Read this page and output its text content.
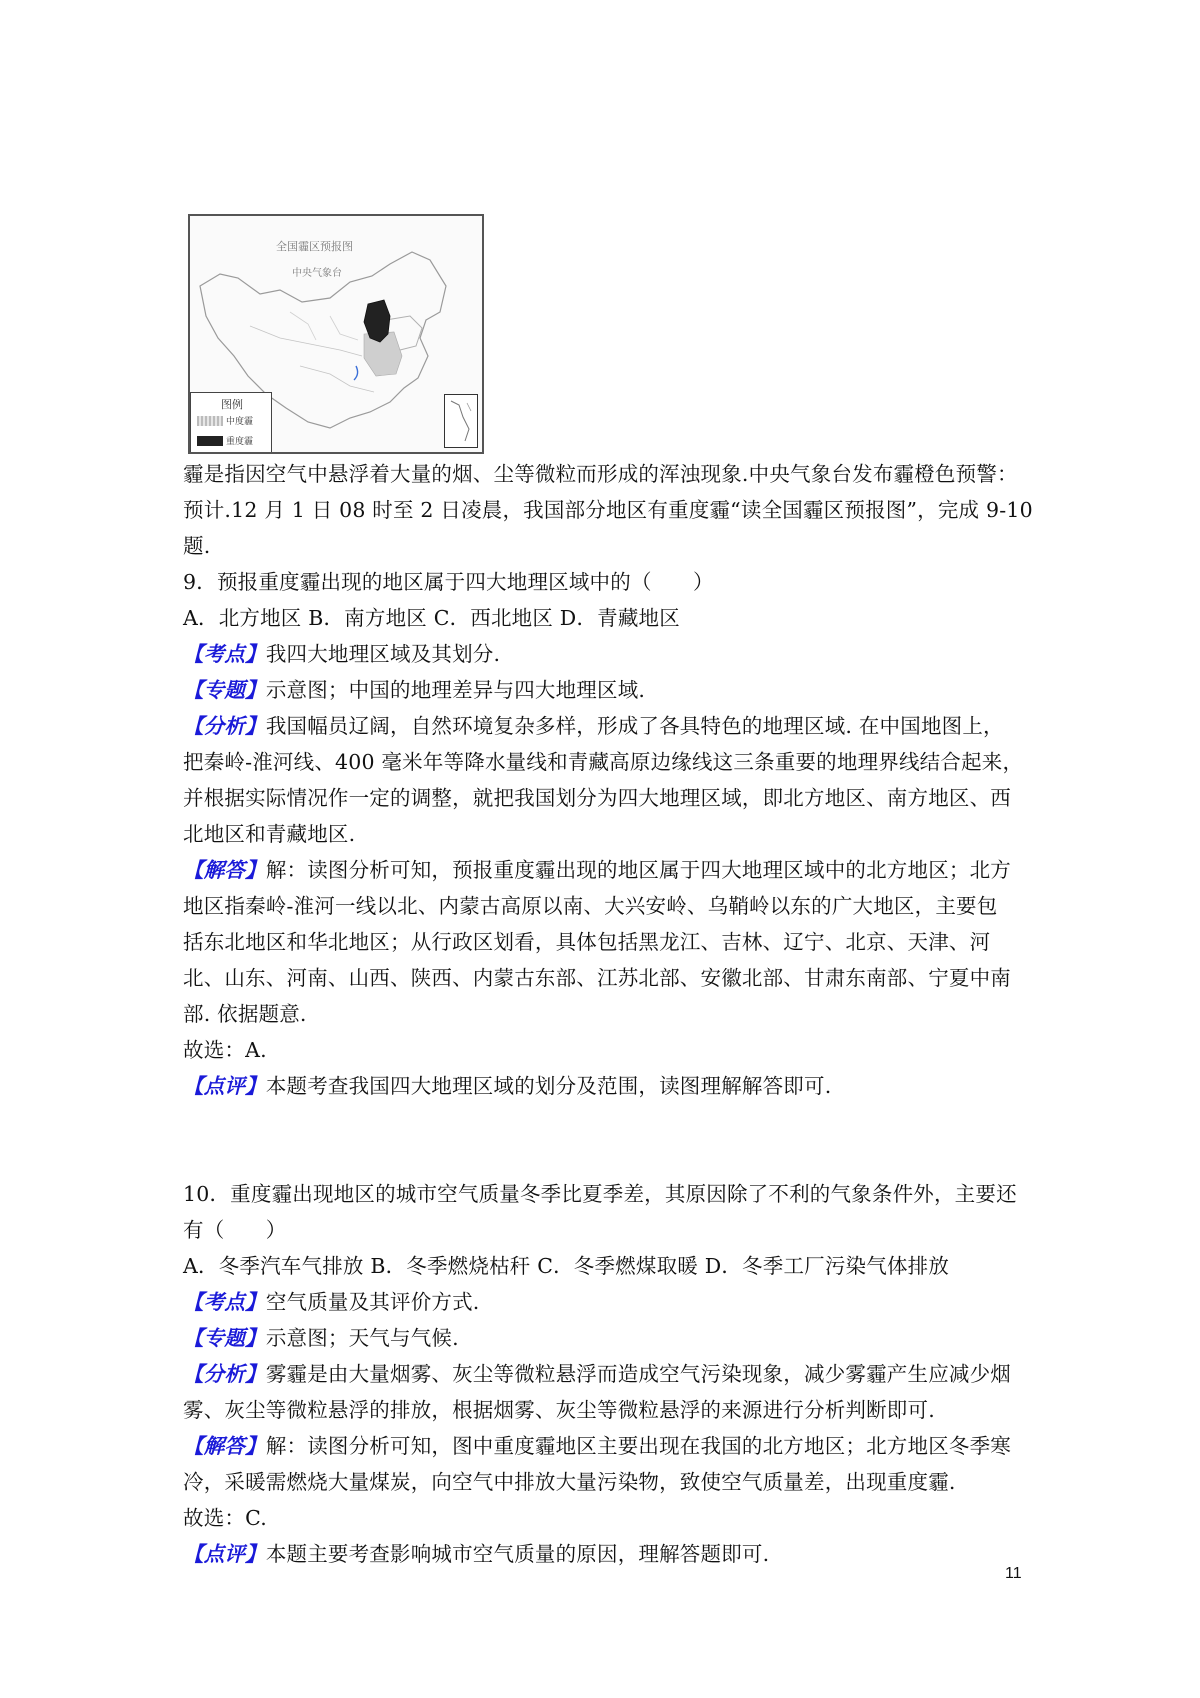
全国霾区预报图
中央气象台
图例
中度霾
重度霾
霾是指因空气中悬浮着大量的烟、尘等微粒而形成的浑浊现象.中央气象台发布霾橙色预警：
预计.12 月 1 日 08 时至 2 日凌晨，我国部分地区有重度霾“读全国霾区预报图”，完成 9-10
题.
9．预报重度霾出现的地区属于四大地理区域中的（　　）
A．北方地区 B．南方地区 C．西北地区 D．青藏地区
【考点】我四大地理区域及其划分.
【专题】示意图；中国的地理差异与四大地理区域.
【分析】我国幅员辽阔，自然环境复杂多样，形成了各具特色的地理区域. 在中国地图上，
把秦岭-淮河线、400 毫米年等降水量线和青藏高原边缘线这三条重要的地理界线结合起来，
并根据实际情况作一定的调整，就把我国划分为四大地理区域，即北方地区、南方地区、西
北地区和青藏地区.
【解答】解：读图分析可知，预报重度霾出现的地区属于四大地理区域中的北方地区；北方
地区指秦岭-淮河一线以北、内蒙古高原以南、大兴安岭、乌鞘岭以东的广大地区，主要包
括东北地区和华北地区；从行政区划看，具体包括黑龙江、吉林、辽宁、北京、天津、河
北、山东、河南、山西、陕西、内蒙古东部、江苏北部、安徽北部、甘肃东南部、宁夏中南
部. 依据题意.
故选：A.
【点评】本题考查我国四大地理区域的划分及范围，读图理解解答即可.
10．重度霾出现地区的城市空气质量冬季比夏季差，其原因除了不利的气象条件外，主要还
有（　　）
A．冬季汽车气排放 B．冬季燃烧枯秆 C．冬季燃煤取暖 D．冬季工厂污染气体排放
【考点】空气质量及其评价方式.
【专题】示意图；天气与气候.
【分析】雾霾是由大量烟雾、灰尘等微粒悬浮而造成空气污染现象，减少雾霾产生应减少烟
雾、灰尘等微粒悬浮的排放，根据烟雾、灰尘等微粒悬浮的来源进行分析判断即可.
【解答】解：读图分析可知，图中重度霾地区主要出现在我国的北方地区；北方地区冬季寒
冷，采暖需燃烧大量煤炭，向空气中排放大量污染物，致使空气质量差，出现重度霾.
故选：C.
【点评】本题主要考查影响城市空气质量的原因，理解答题即可.
11
